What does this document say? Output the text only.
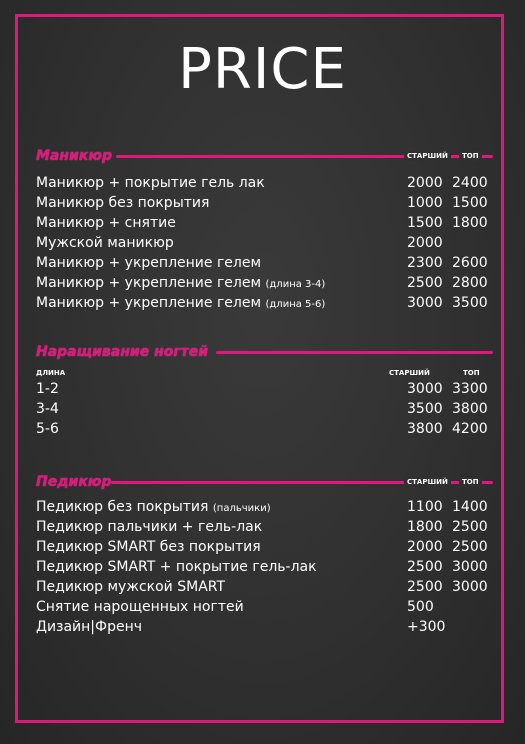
PRICE
Маникюр	СТАРШИЙ	ТОП
Маникюр + покрытие гель лак	2000 2400
Маникюр без покрытия	1000 1500
Маникюр + снятие	1500 1800
Мужской маникюр	2000
Маникюр + укрепление гелем	2300 2600
Маникюр + укрепление гелем (длина 3-4)	2500 2800
Маникюр + укрепление гелем (длина 5-6)	3000 3500
Наращивание ногтей
ДЛИНА	СТАРШИЙ	ТОП
1-2	3000 3300
3-4	3500 3800
5-6	3800 4200
Педикюр	СТАРШИЙ	ТОП
Педикюр без покрытия (пальчики)	1100 1400
Педикюр пальчики + гель-лак	1800 2500
Педикюр SMART без покрытия	2000 2500
Педикюр SMART + покрытие гель-лак	2500 3000
Педикюр мужской SMART	2500 3000
Снятие нарощенных ногтей	500
Дизайн|Френч	+300
